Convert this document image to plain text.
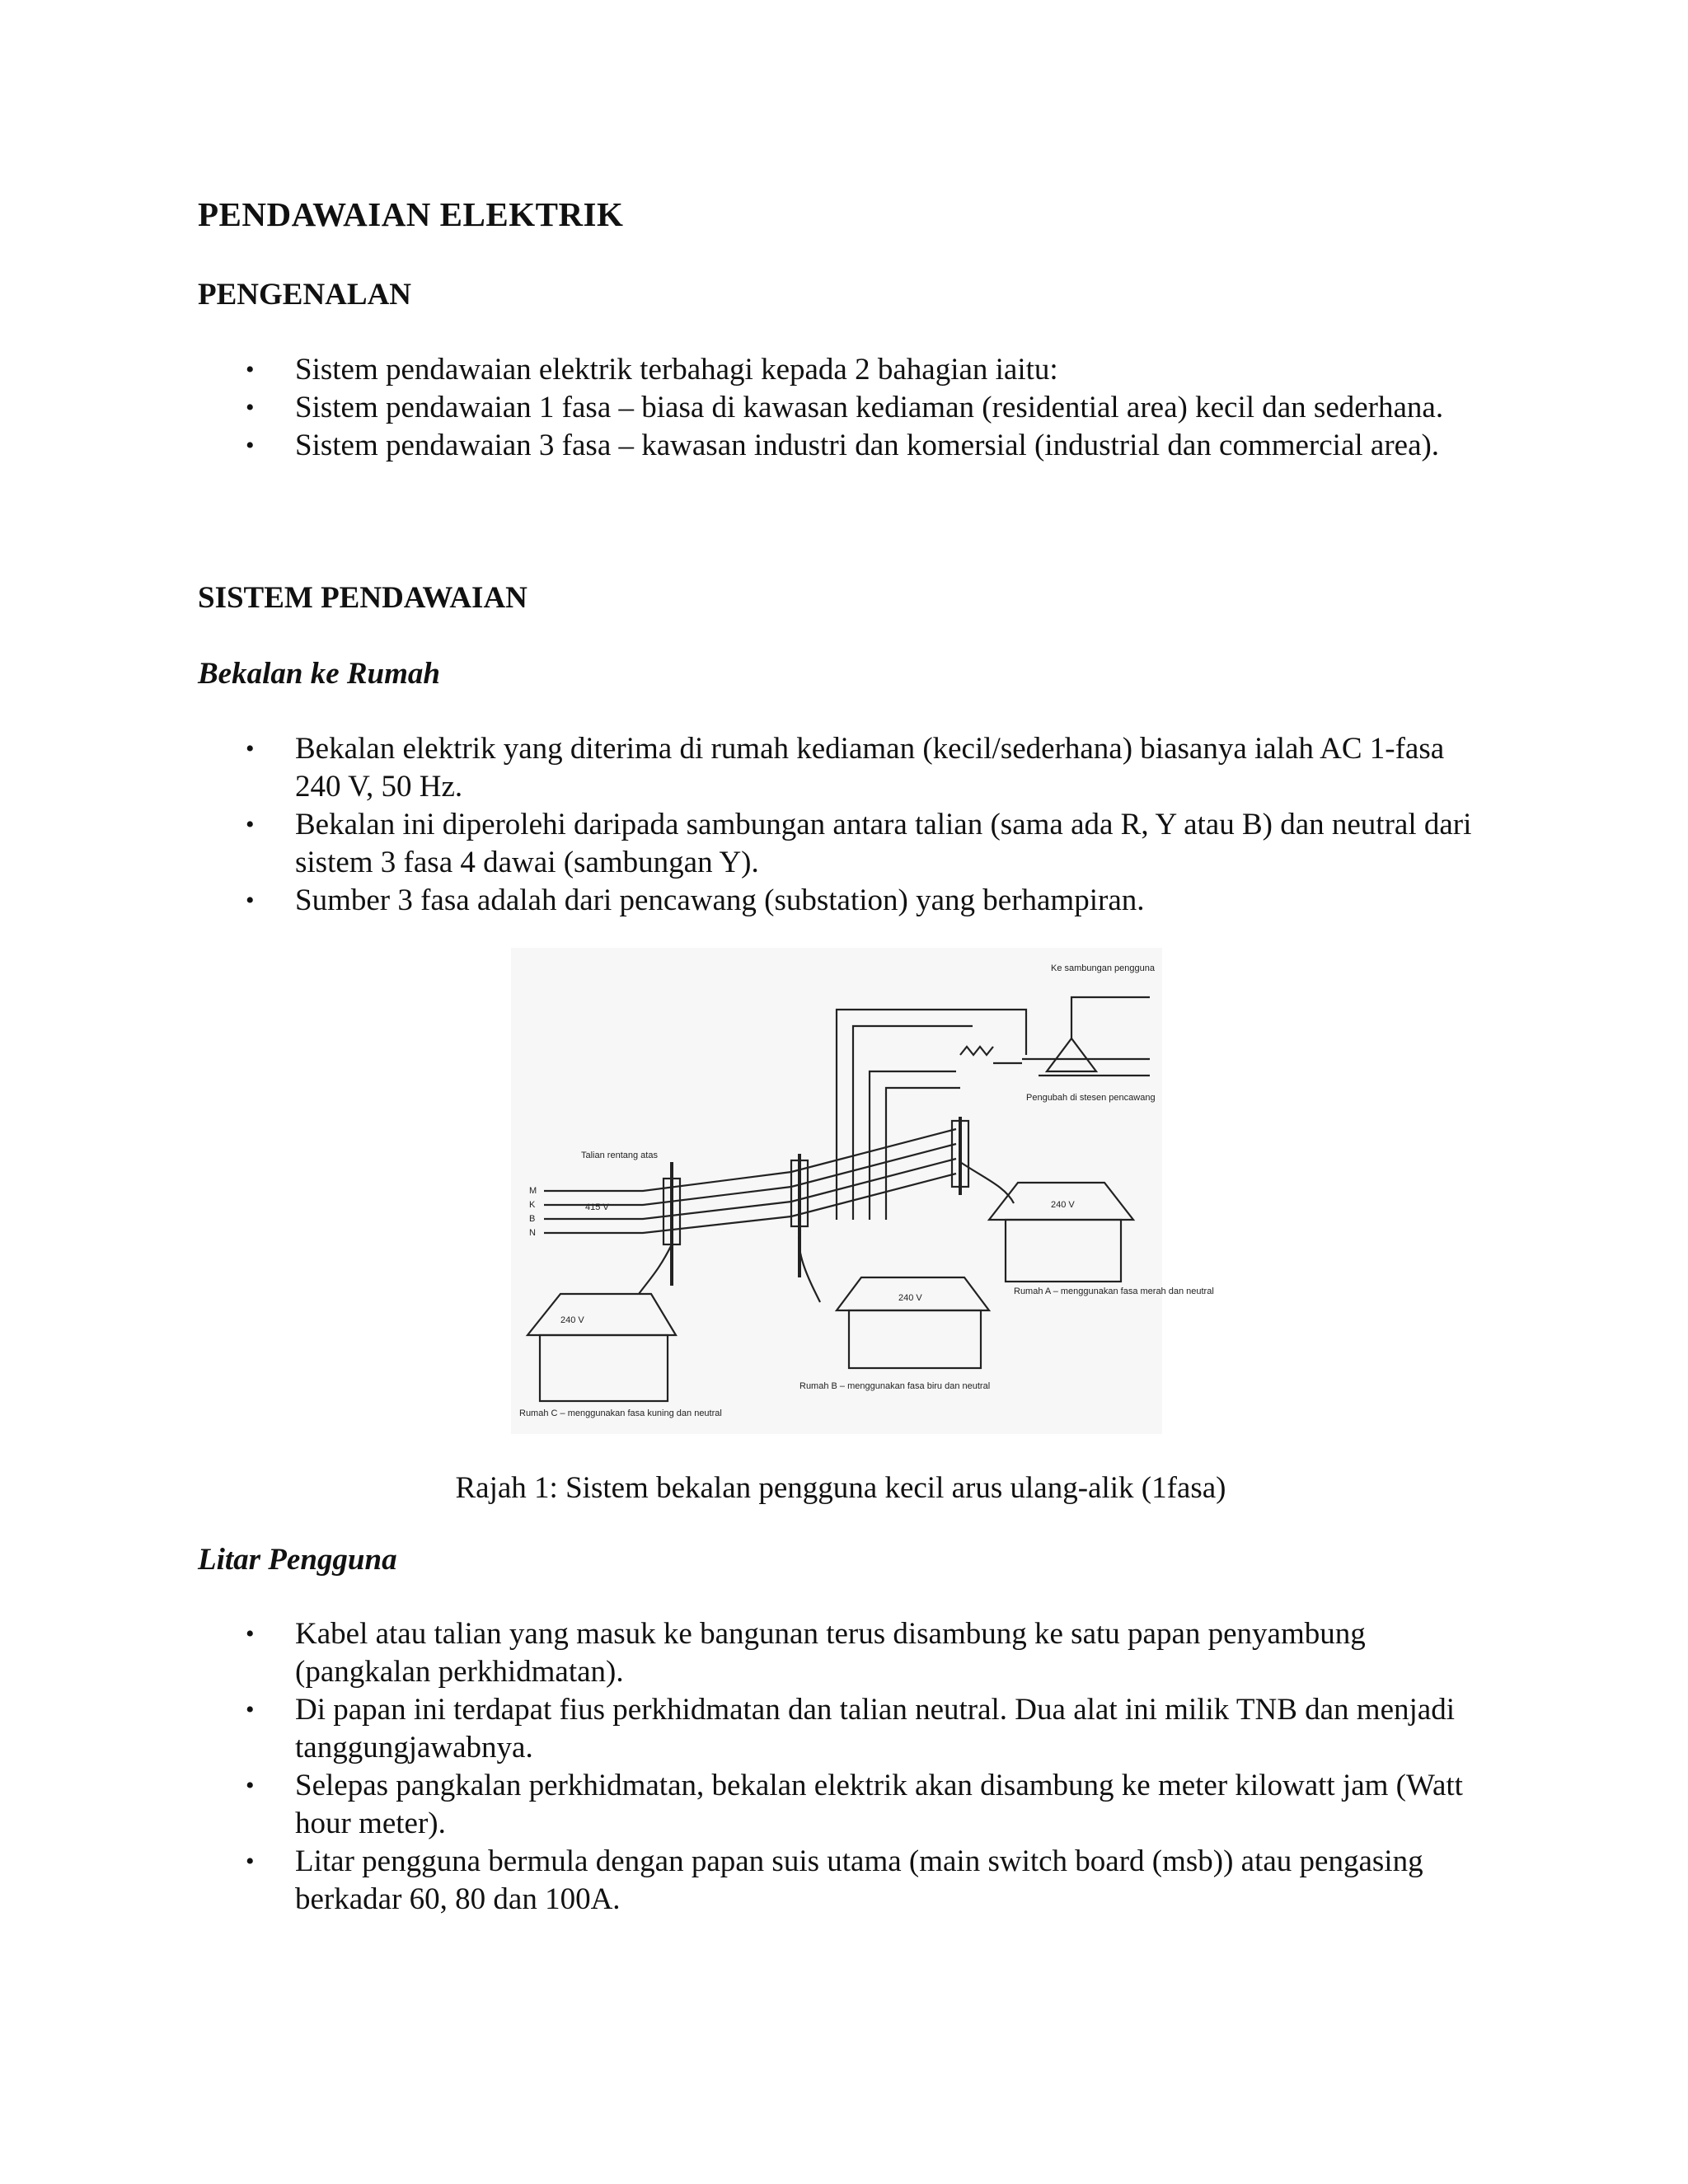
PENDAWAIAN ELEKTRIK
PENGENALAN
• Sistem pendawaian elektrik terbahagi kepada 2 bahagian iaitu:
• Sistem pendawaian 1 fasa – biasa di kawasan kediaman (residential area) kecil dan sederhana.
• Sistem pendawaian 3 fasa – kawasan industri dan komersial (industrial dan commercial area).
SISTEM PENDAWAIAN
Bekalan ke Rumah
• Bekalan elektrik yang diterima di rumah kediaman (kecil/sederhana) biasanya ialah AC 1-fasa 240 V, 50 Hz.
• Bekalan ini diperolehi daripada sambungan antara talian (sama ada R, Y atau B) dan neutral dari sistem 3 fasa 4 dawai (sambungan Y).
• Sumber 3 fasa adalah dari pencawang (substation) yang berhampiran.
Rajah 1: Sistem bekalan pengguna kecil arus ulang-alik (1fasa)
Litar Pengguna
• Kabel atau talian yang masuk ke bangunan terus disambung ke satu papan penyambung (pangkalan perkhidmatan).
• Di papan ini terdapat fius perkhidmatan dan talian neutral. Dua alat ini milik TNB dan menjadi tanggungjawabnya.
• Selepas pangkalan perkhidmatan, bekalan elektrik akan disambung ke meter kilowatt jam (Watt hour meter).
• Litar pengguna bermula dengan papan suis utama (main switch board (msb)) atau pengasing berkadar 60, 80 dan 100A.
Ke sambungan pengguna
Pengubah di stesen pencawang
Talian rentang atas
415 V
M
K
B
N
240 V
240 V
240 V
Rumah A – menggunakan fasa merah dan neutral
Rumah B – menggunakan fasa biru dan neutral
Rumah C – menggunakan fasa kuning dan neutral
